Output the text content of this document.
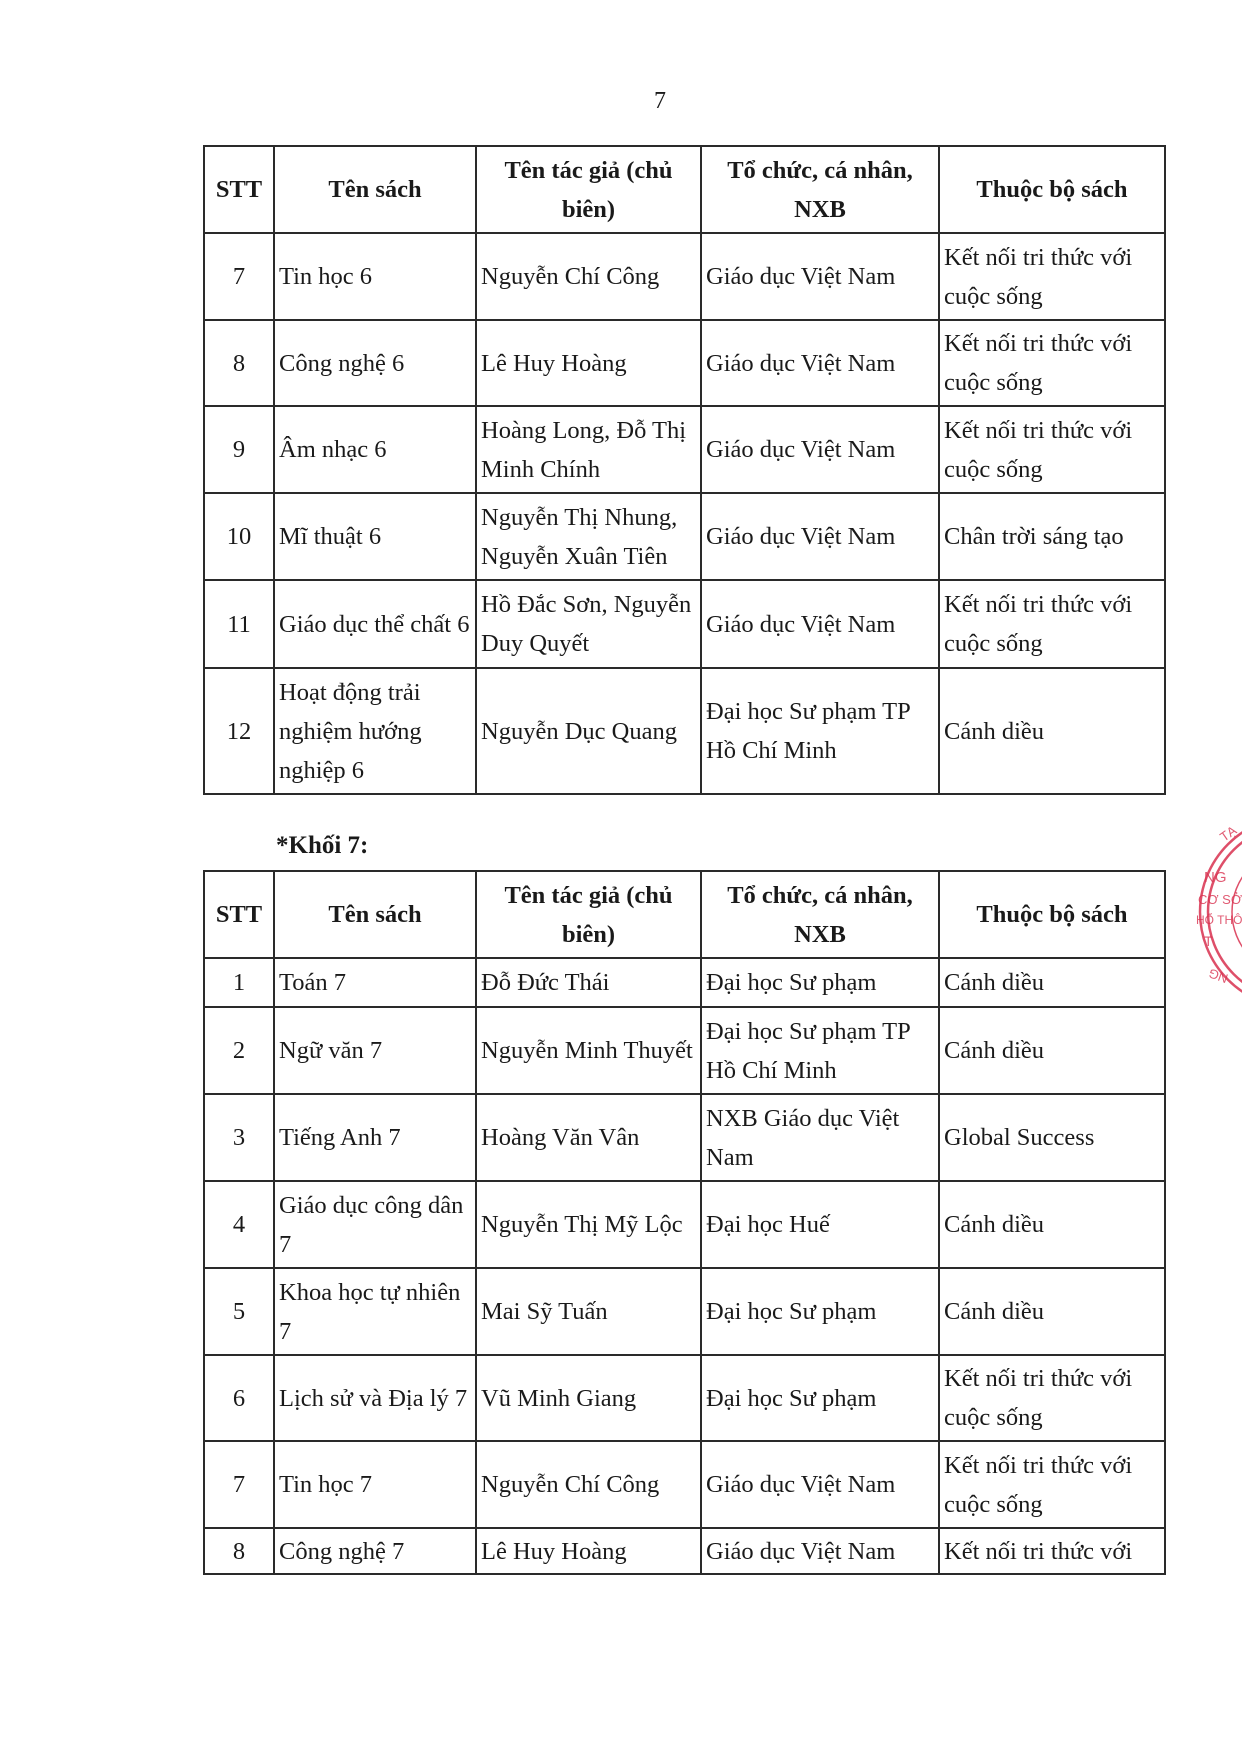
7
STT	Tên sách	Tên tác giả (chủ biên)	Tổ chức, cá nhân, NXB	Thuộc bộ sách
7	Tin học 6	Nguyễn Chí Công	Giáo dục Việt Nam	Kết nối tri thức với cuộc sống
8	Công nghệ 6	Lê Huy Hoàng	Giáo dục Việt Nam	Kết nối tri thức với cuộc sống
9	Âm nhạc 6	Hoàng Long, Đỗ Thị Minh Chính	Giáo dục Việt Nam	Kết nối tri thức với cuộc sống
10	Mĩ thuật 6	Nguyễn Thị Nhung, Nguyễn Xuân Tiên	Giáo dục Việt Nam	Chân trời sáng tạo
11	Giáo dục thể chất 6	Hồ Đắc Sơn, Nguyễn Duy Quyết	Giáo dục Việt Nam	Kết nối tri thức với cuộc sống
12	Hoạt động trải nghiệm hướng nghiệp 6	Nguyễn Dục Quang	Đại học Sư phạm TP Hồ Chí Minh	Cánh diều
*Khối 7:
STT	Tên sách	Tên tác giả (chủ biên)	Tổ chức, cá nhân, NXB	Thuộc bộ sách
1	Toán 7	Đỗ Đức Thái	Đại học Sư phạm	Cánh diều
2	Ngữ văn 7	Nguyễn Minh Thuyết	Đại học Sư phạm TP Hồ Chí Minh	Cánh diều
3	Tiếng Anh 7	Hoàng Văn Vân	NXB Giáo dục Việt Nam	Global Success
4	Giáo dục công dân 7	Nguyễn Thị Mỹ Lộc	Đại học Huế	Cánh diều
5	Khoa học tự nhiên 7	Mai Sỹ Tuấn	Đại học Sư phạm	Cánh diều
6	Lịch sử và Địa lý 7	Vũ Minh Giang	Đại học Sư phạm	Kết nối tri thức với cuộc sống
7	Tin học 7	Nguyễn Chí Công	Giáo dục Việt Nam	Kết nối tri thức với cuộc sống
8	Công nghệ 7	Lê Huy Hoàng	Giáo dục Việt Nam	Kết nối tri thức với
TẠ
NG
CƠ SỞ
HỔ THÔ
T
NG
